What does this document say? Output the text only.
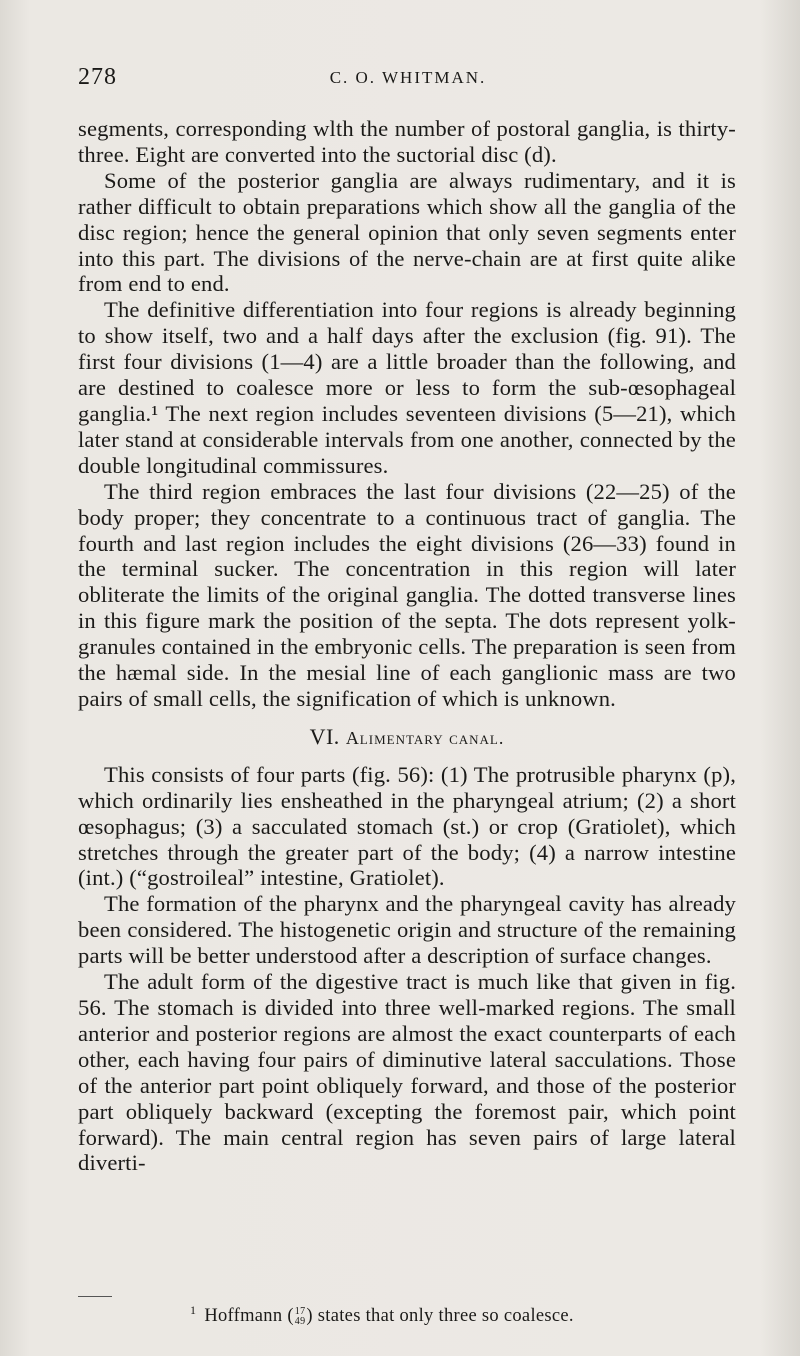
278	C. O. WHITMAN.

segments, corresponding wlth the number of postoral ganglia, is thirty-three. Eight are converted into the suctorial disc (d).

Some of the posterior ganglia are always rudimentary, and it is rather difficult to obtain preparations which show all the ganglia of the disc region; hence the general opinion that only seven segments enter into this part. The divisions of the nerve-chain are at first quite alike from end to end.

The definitive differentiation into four regions is already beginning to show itself, two and a half days after the exclusion (fig. 91). The first four divisions (1—4) are a little broader than the following, and are destined to coalesce more or less to form the sub-œsophageal ganglia.¹ The next region includes seventeen divisions (5—21), which later stand at considerable intervals from one another, connected by the double longitudinal commissures.

The third region embraces the last four divisions (22—25) of the body proper; they concentrate to a continuous tract of ganglia. The fourth and last region includes the eight divisions (26—33) found in the terminal sucker. The concentration in this region will later obliterate the limits of the original ganglia. The dotted transverse lines in this figure mark the position of the septa. The dots represent yolk-granules contained in the embryonic cells. The preparation is seen from the hæmal side. In the mesial line of each ganglionic mass are two pairs of small cells, the signification of which is unknown.

VI. Alimentary canal.

This consists of four parts (fig. 56): (1) The protrusible pharynx (p), which ordinarily lies ensheathed in the pharyngeal atrium; (2) a short œsophagus; (3) a sacculated stomach (st.) or crop (Gratiolet), which stretches through the greater part of the body; (4) a narrow intestine (int.) (“gostroileal” intestine, Gratiolet).

The formation of the pharynx and the pharyngeal cavity has already been considered. The histogenetic origin and structure of the remaining parts will be better understood after a description of surface changes.

The adult form of the digestive tract is much like that given in fig. 56. The stomach is divided into three well-marked regions. The small anterior and posterior regions are almost the exact counterparts of each other, each having four pairs of diminutive lateral sacculations. Those of the anterior part point obliquely forward, and those of the posterior part obliquely backward (excepting the foremost pair, which point forward). The main central region has seven pairs of large lateral diverti-

$^1$ Hoffmann ( 17
49 ) states that only three so coalesce.
